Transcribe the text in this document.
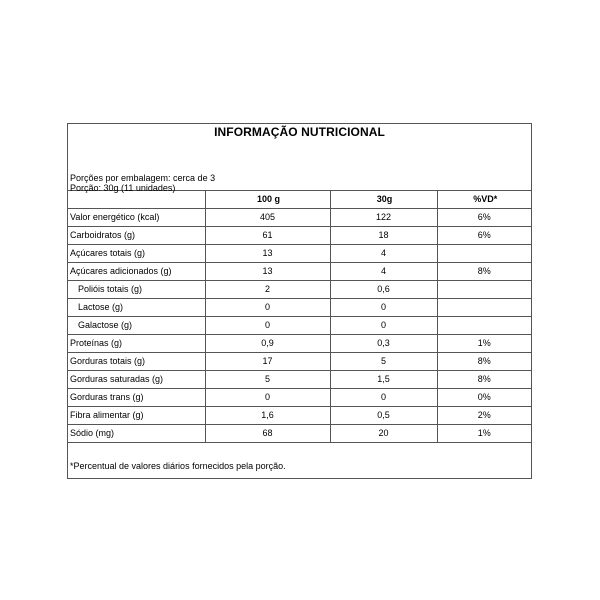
INFORMAÇÃO NUTRICIONAL
Porções por embalagem: cerca de 3
Porção: 30g (11 unidades)
	100 g	30g	%VD*
Valor energético (kcal)	405	122	6%
Carboidratos (g)	61	18	6%
Açúcares totais (g)	13	4	
Açúcares adicionados (g)	13	4	8%
Polióis totais (g)	2	0,6	
Lactose (g)	0	0	
Galactose (g)	0	0	
Proteínas (g)	0,9	0,3	1%
Gorduras totais (g)	17	5	8%
Gorduras saturadas (g)	5	1,5	8%
Gorduras trans (g)	0	0	0%
Fibra alimentar (g)	1,6	0,5	2%
Sódio (mg)	68	20	1%
*Percentual de valores diários fornecidos pela porção.
